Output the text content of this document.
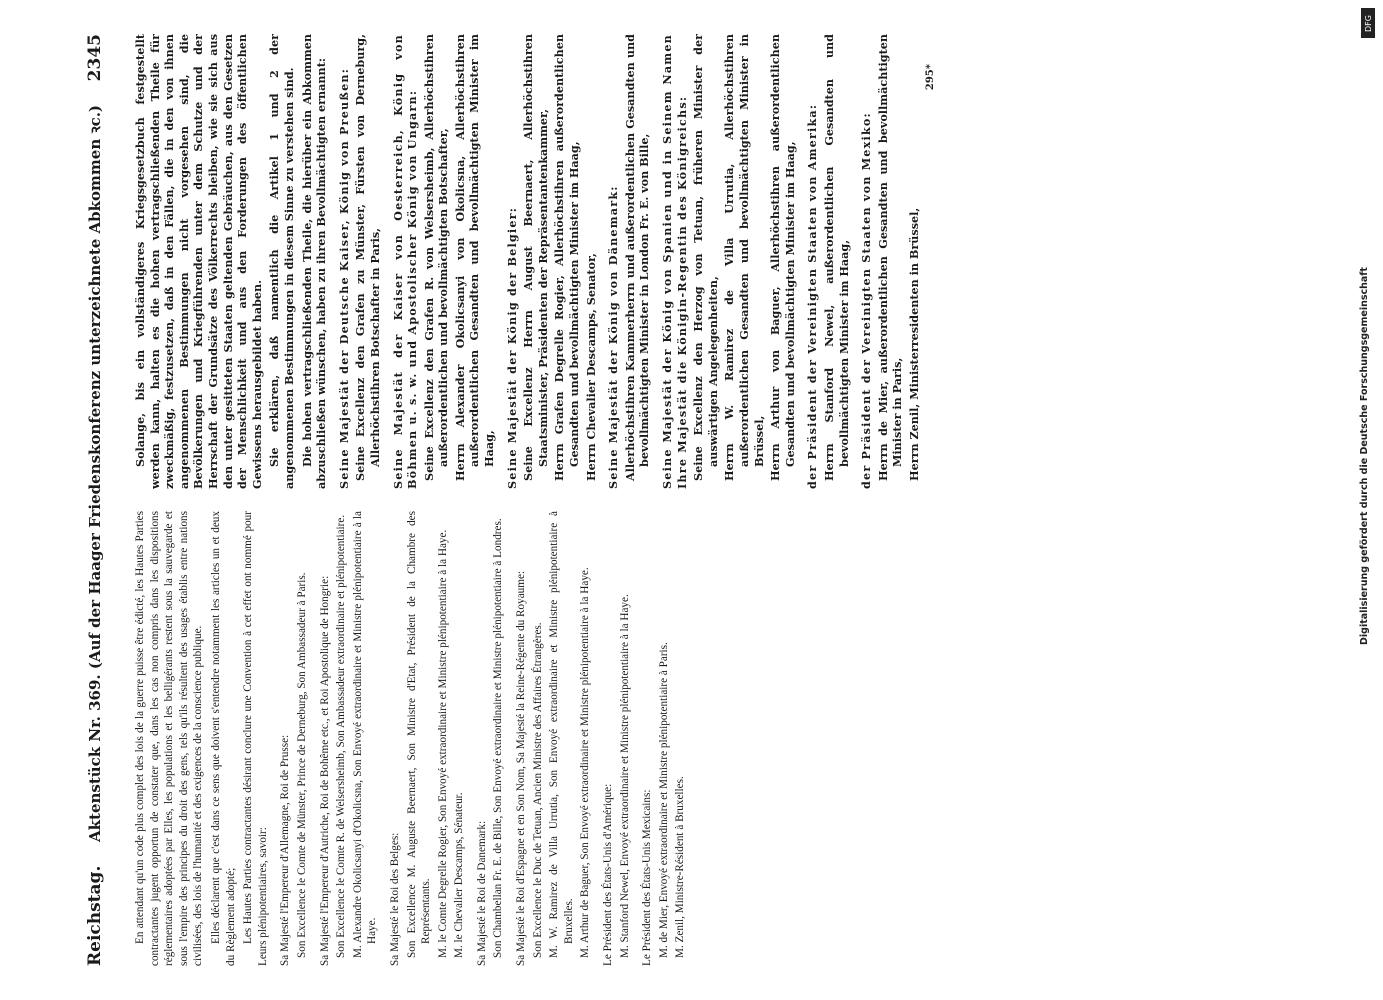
Reichstag.
Aktenstück Nr. 369. (Auf der Haager Friedenskonferenz unterzeichnete Abkommen ꝛc.)
2345

En attendant qu'un code plus complet des lois de la guerre puisse être édicté, les Hautes Parties contractantes jugent opportun de constater que, dans les cas non compris dans les dispositions réglementaires adoptées par Elles, les populations et les belligérants restent sous la sauvegarde et sous l'empire des principes du droit des gens, tels qu'ils résultent des usages établis entre nations civilisées, des lois de l'humanité et des exigences de la conscience publique. Elles déclarent que c'est dans ce sens que doivent s'entendre notamment les articles un et deux du Règlement adopté; Les Hautes Parties contractantes désirant conclure une Convention à cet effet ont nommé pour Leurs plénipotentiaires, savoir: Sa Majesté l'Empereur d'Allemagne, Roi de Prusse: Son Excellence le Comte de Münster, Prince de Derneburg, Son Ambassadeur à Paris. Sa Majesté l'Empereur d'Autriche, Roi de Bohême etc., et Roi Apostolique de Hongrie: Son Excellence le Comte R. de Welsersheimb, Son Ambassadeur extraordinaire et plénipotentiaire. M. Alexandre Okolicsanyi d'Okolicsna, Son Envoyé extraordinaire et Ministre plénipotentiaire à la Haye. Sa Majesté le Roi des Belges: Son Excellence M. Auguste Beernaert, Son Ministre d'Etat, Président de la Chambre des Représentants. M. le Comte Degrelle Rogier, Son Envoyé extraordinaire et Ministre plénipotentiaire à la Haye. M. le Chevalier Descamps, Sénateur. Sa Majesté le Roi de Danemark: Son Chambellan Fr. E. de Bille, Son Envoyé extraordinaire et Ministre plénipotentiaire à Londres. Sa Majesté le Roi d'Espagne et en Son Nom, Sa Majesté la Reine-Régente du Royaume: Son Excellence le Duc de Tetuan, Ancien Ministre des Affaires Étrangères. M. W. Ramirez de Villa Urrutia, Son Envoyé extraordinaire et Ministre plénipotentiaire à Bruxelles. M. Arthur de Baguer, Son Envoyé extraordinaire et Ministre plénipotentiaire à la Haye. Le Président des États-Unis d'Amérique: M. Stanford Newel, Envoyé extraordinaire et Ministre plénipotentiaire à la Haye. Le Président des États-Unis Mexicains: M. de Mier, Envoyé extraordinaire et Ministre plénipotentiaire à Paris. M. Zenil, Ministre-Résident à Bruxelles.

Solange, bis ein vollständigeres Kriegsgesetzbuch festgestellt werden kann, halten es die hohen vertragschließenden Theile für zweckmäßig, festzusetzen, daß in den Fällen, die in den von ihnen angenommenen Bestimmungen nicht vorgesehen sind, die Bevölkerungen und Kriegführenden unter dem Schutze und der Herrschaft der Grundsätze des Völkerrechts bleiben, wie sie sich aus den unter gesitteten Staaten geltenden Gebräuchen, aus den Gesetzen der Menschlichkeit und aus den Forderungen des öffentlichen Gewissens herausgebildet haben. Sie erklären, daß namentlich die Artikel 1 und 2 der angenommenen Bestimmungen in diesem Sinne zu verstehen sind. Die hohen vertragschließenden Theile, die hierüber ein Abkommen abzuschließen wünschen, haben zu ihren Bevollmächtigten ernannt: Seine Majestät der Deutsche Kaiser, König von Preußen: Seine Excellenz den Grafen zu Münster, Fürsten von Derneburg, Allerhöchstihren Botschafter in Paris, Seine Majestät der Kaiser von Oesterreich, König von Böhmen u. s. w. und Apostolischer König von Ungarn: Seine Excellenz den Grafen R. von Welsersheimb, Allerhöchstihren außerordentlichen und bevollmächtigten Botschafter, Herrn Alexander Okolicsanyi von Okolicsna, Allerhöchstihren außerordentlichen Gesandten und bevollmächtigten Minister im Haag, Seine Majestät der König der Belgier: Seine Excellenz Herrn August Beernaert, Allerhöchstihren Staatsminister, Präsidenten der Repräsentantenkammer, Herrn Grafen Degrelle Rogier, Allerhöchstihren außerordentlichen Gesandten und bevollmächtigten Minister im Haag, Herrn Chevalier Descamps, Senator, Seine Majestät der König von Dänemark: Allerhöchstihren Kammerherrn und außerordentlichen Gesandten und bevollmächtigten Minister in London Fr. E. von Bille, Seine Majestät der König von Spanien und in Seinem Namen Ihre Majestät die Königin-Regentin des Königreichs: Seine Excellenz den Herzog von Tetuan, früheren Minister der auswärtigen Angelegenheiten, Herrn W. Ramirez de Villa Urrutia, Allerhöchstihren außerordentlichen Gesandten und bevollmächtigten Minister in Brüssel, Herrn Arthur von Baguer, Allerhöchstihren außerordentlichen Gesandten und bevollmächtigten Minister im Haag, der Präsident der Vereinigten Staaten von Amerika: Herrn Stanford Newel, außerordentlichen Gesandten und bevollmächtigten Minister im Haag, der Präsident der Vereinigten Staaten von Mexiko: Herrn de Mier, außerordentlichen Gesandten und bevollmächtigten Minister in Paris, Herrn Zenil, Ministerresidenten in Brüssel,

295*
DFG
Digitalisierung gefördert durch die Deutsche Forschungsgemeinschaft
